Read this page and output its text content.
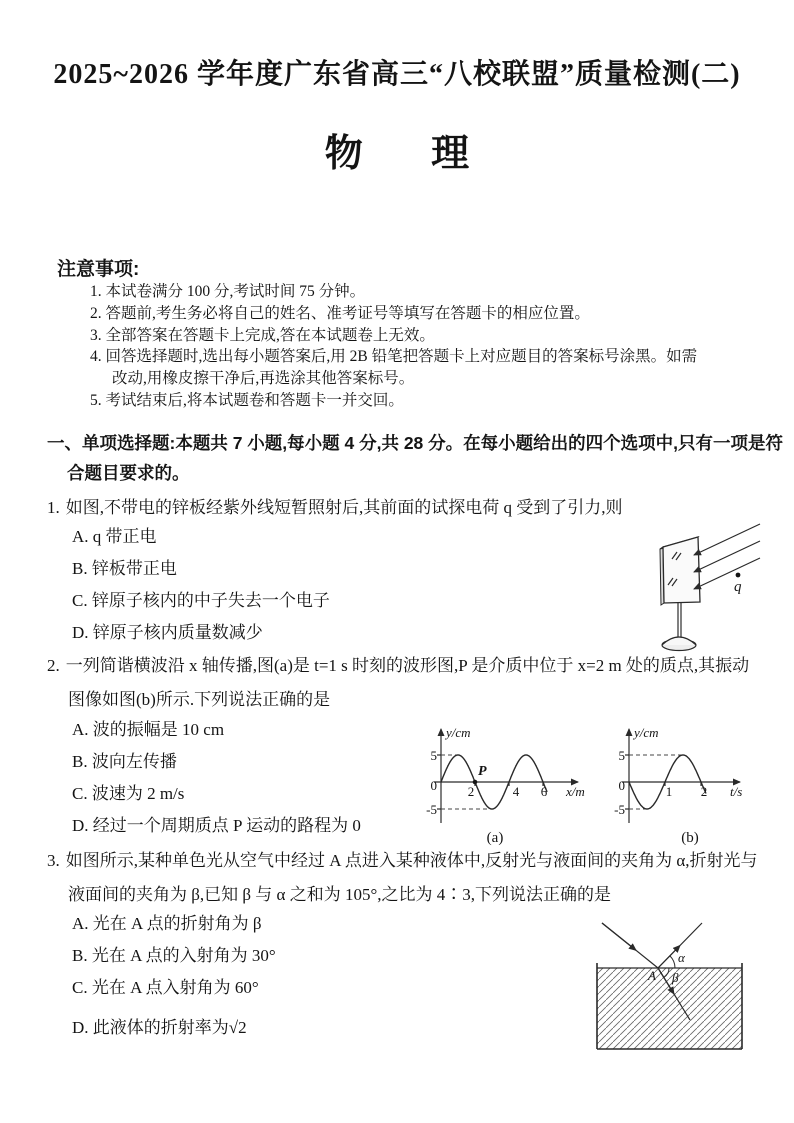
2025~2026 学年度广东省高三“八校联盟”质量检测(二)
物理
注意事项:
1. 本试卷满分 100 分,考试时间 75 分钟。
2. 答题前,考生务必将自己的姓名、准考证号等填写在答题卡的相应位置。
3. 全部答案在答题卡上完成,答在本试题卷上无效。
4. 回答选择题时,选出每小题答案后,用 2B 铅笔把答题卡上对应题目的答案标号涂黑。如需改动,用橡皮擦干净后,再选涂其他答案标号。
5. 考试结束后,将本试题卷和答题卡一并交回。
一、单项选择题:本题共 7 小题,每小题 4 分,共 28 分。在每小题给出的四个选项中,只有一项是符合题目要求的。
1. 如图,不带电的锌板经紫外线短暂照射后,其前面的试探电荷 q 受到了引力,则
A. q 带正电
B. 锌板带正电
C. 锌原子核内的中子失去一个电子
D. 锌原子核内质量数减少
q
2. 一列简谐横波沿 x 轴传播,图(a)是 t=1 s 时刻的波形图,P 是介质中位于 x=2 m 处的质点,其振动图像如图(b)所示.下列说法正确的是
A. 波的振幅是 10 cm
B. 波向左传播
C. 波速为 2 m/s
D. 经过一个周期质点 P 运动的路程为 0
P
y/cm
x/m
5
0
-5
2	4 6
(a)
y/cm
t/s
5
0
-5
1 2
(b)
3. 如图所示,某种单色光从空气中经过 A 点进入某种液体中,反射光与液面间的夹角为 α,折射光与液面间的夹角为 β,已知 β 与 α 之和为 105°,之比为 4∶3,下列说法正确的是
A. 光在 A 点的折射角为 β
B. 光在 A 点的入射角为 30°
C. 光在 A 点入射角为 60°
D. 此液体的折射率为√2
α
β
A
